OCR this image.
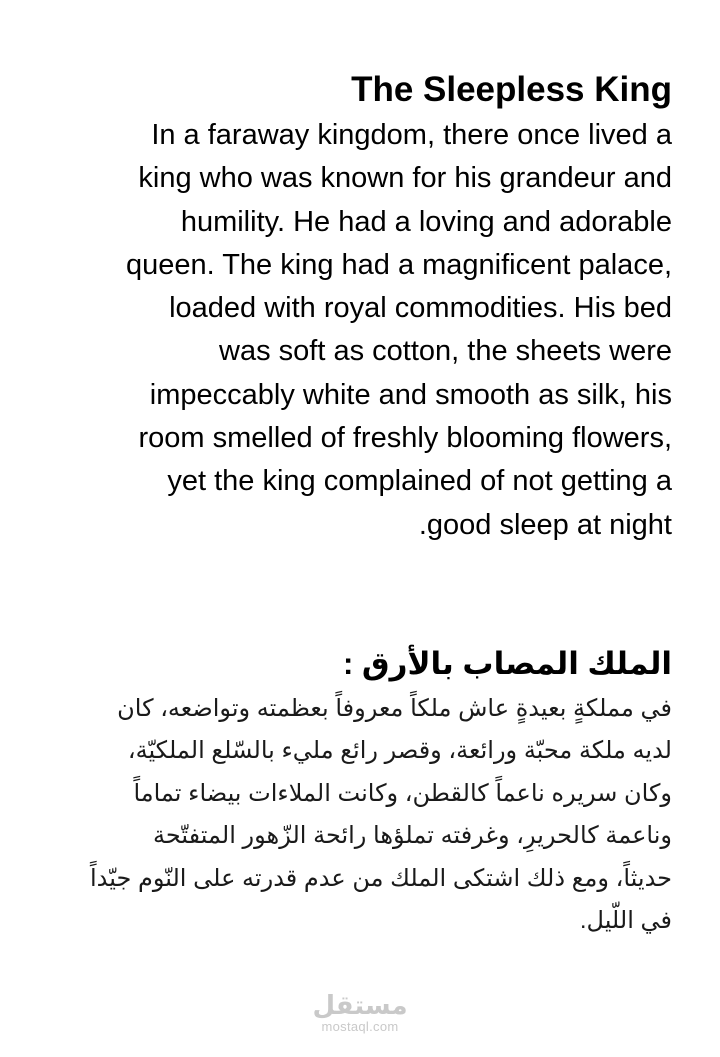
The Sleepless King
In a faraway kingdom, there once lived a
king who was known for his grandeur and
humility. He had a loving and adorable
queen. The king had a magnificent palace,
loaded with royal commodities. His bed
was soft as cotton, the sheets were
impeccably white and smooth as silk, his
room smelled of freshly blooming flowers,
yet the king complained of not getting a
.good sleep at night
الملك المصاب بالأرق :
في مملكةٍ بعيدةٍ عاش ملكاً معروفاً بعظمته وتواضعه، كان
لديه ملكة محبّة ورائعة، وقصر رائع مليء بالسّلع الملكيّة،
وكان سريره ناعماً كالقطن، وكانت الملاءات بيضاء تماماً
وناعمة كالحريرِ، وغرفته تملؤها رائحة الزّهور المتفتّحة
حديثاً، ومع ذلك اشتكى الملك من عدم قدرته على النّوم جيّداً
في اللّيل.
مستقل
mostaql.com
